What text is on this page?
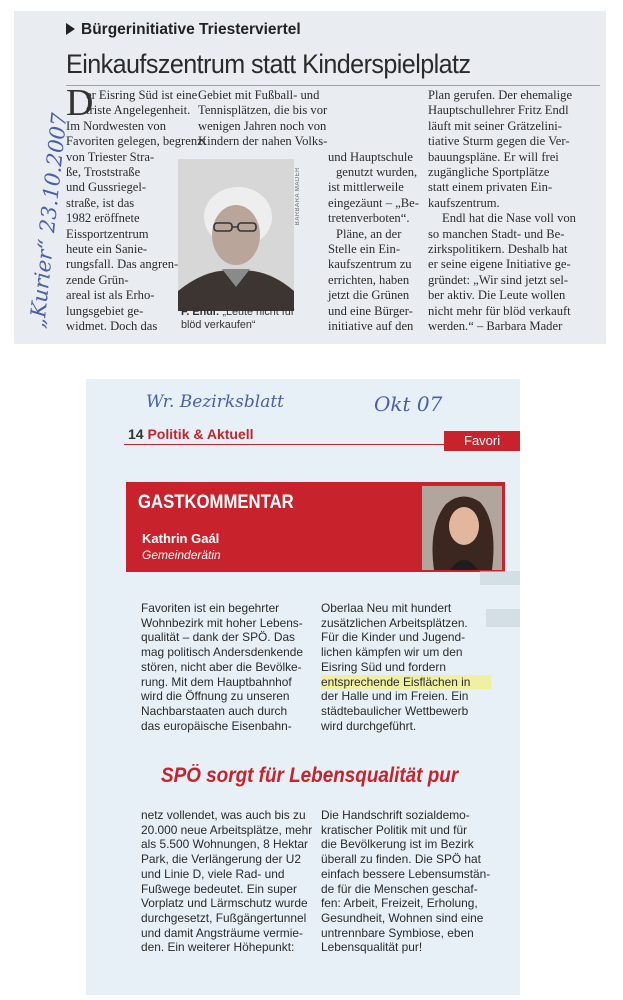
„Kurier“ 23.10.2007
Bürgerinitiative Triesterviertel
Einkaufszentrum statt Kinderspielplatz
D
er Eisring Süd ist eine
triste Angelegenheit.
Im Nordwesten von
Favoriten gelegen, begrenzt
von Triester Stra-
ße, Troststraße
und Gussriegel-
straße, ist das
1982 eröffnete
Eissportzentrum
heute ein Sanie-
rungsfall. Das angren-
zende Grün-
areal ist als Erho-
lungsgebiet ge-
widmet. Doch das
Gebiet mit Fußball- und
Tennisplätzen, die bis vor
wenigen Jahren noch von
Kindern der nahen Volks-
und Hauptschule
genutzt wurden,
ist mittlerweile
eingezäunt – „Be-
tretenverboten“.
Pläne, an der
Stelle ein Ein-
kaufszentrum zu
errichten, haben
jetzt die Grünen
und eine Bürger-
initiative auf den
Plan gerufen. Der ehemalige
Hauptschullehrer Fritz Endl
läuft mit seiner Grätzelini-
tiative Sturm gegen die Ver-
bauungspläne. Er will frei
zugängliche Sportplätze
statt einem privaten Ein-
kaufszentrum.
Endl hat die Nase voll von
so manchen Stadt- und Be-
zirkspolitikern. Deshalb hat
er seine eigene Initiative ge-
gründet: „Wir sind jetzt sel-
ber aktiv. Die Leute wollen
nicht mehr für blöd verkauft
werden.“ – Barbara Mader
BARBARA MADER
F. Endl: „Leute nicht für blöd verkaufen“
Wr. Bezirksblatt	Okt 07
14 Politik & Aktuell	Favori
GASTKOMMENTAR
Kathrin Gaál
Gemeinderätin
Favoriten ist ein begehrter
Wohnbezirk mit hoher Lebens-
qualität – dank der SPÖ. Das
mag politisch Andersdenkende
stören, nicht aber die Bevölke-
rung. Mit dem Hauptbahnhof
wird die Öffnung zu unseren
Nachbarstaaten auch durch
das europäische Eisenbahn-
Oberlaa Neu mit hundert
zusätzlichen Arbeitsplätzen.
Für die Kinder und Jugend-
lichen kämpfen wir um den
Eisring Süd und fordern
entsprechende Eisflächen in
der Halle und im Freien. Ein
städtebaulicher Wettbewerb
wird durchgeführt.
SPÖ sorgt für Lebensqualität pur
netz vollendet, was auch bis zu
20.000 neue Arbeitsplätze, mehr
als 5.500 Wohnungen, 8 Hektar
Park, die Verlängerung der U2
und Linie D, viele Rad- und
Fußwege bedeutet. Ein super
Vorplatz und Lärmschutz wurde
durchgesetzt, Fußgängertunnel
und damit Angsträume vermie-
den. Ein weiterer Höhepunkt:
Die Handschrift sozialdemo-
kratischer Politik mit und für
die Bevölkerung ist im Bezirk
überall zu finden. Die SPÖ hat
einfach bessere Lebensumstän-
de für die Menschen geschaf-
fen: Arbeit, Freizeit, Erholung,
Gesundheit, Wohnen sind eine
untrennbare Symbiose, eben
Lebensqualität pur!
